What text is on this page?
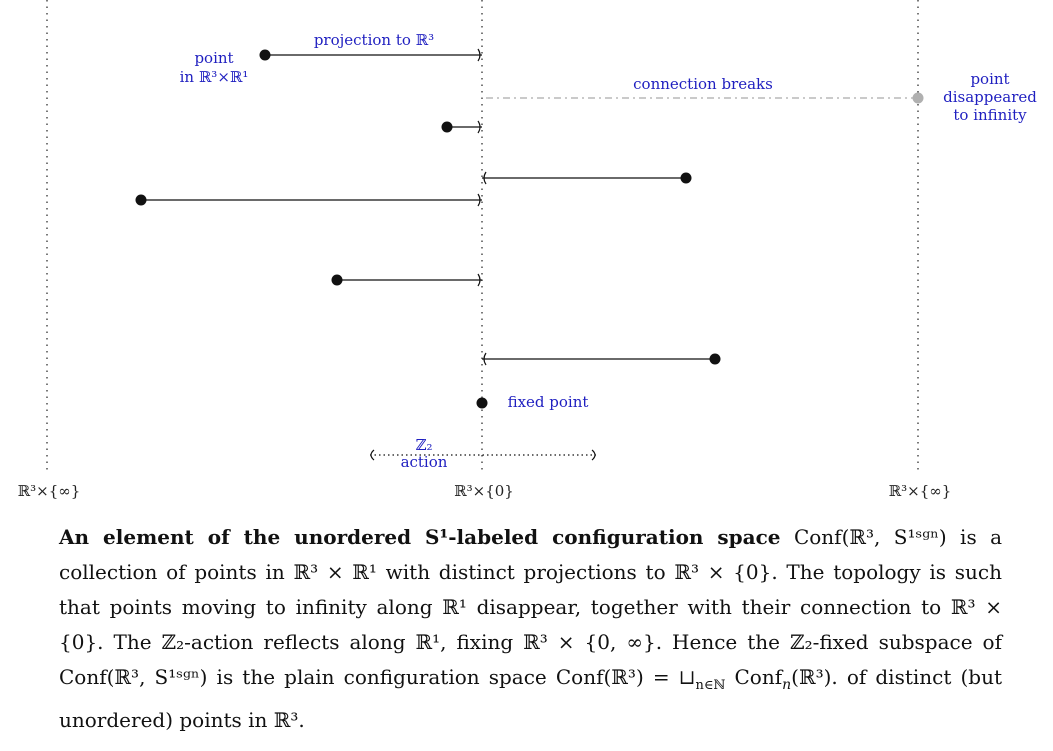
point
in ℝ³×ℝ¹
projection to ℝ³
connection breaks	point
disappeared
to infinity
fixed point
ℤ₂
action
ℝ³×{∞}	ℝ³×{0}	ℝ³×{∞}
An element of the unordered S¹-labeled configuration space Conf(ℝ³, S¹ˢᵍⁿ) is a collection of points in ℝ³ × ℝ¹ with distinct projections to ℝ³ × {0}. The topology is such that points moving to infinity along ℝ¹ disappear, together with their connection to ℝ³ × {0}. The ℤ₂-action reflects along ℝ¹, fixing ℝ³ × {0, ∞}. Hence the ℤ₂-fixed subspace of Conf(ℝ³, S¹ˢᵍⁿ) is the plain configuration space Conf(ℝ³) = $⊔_{n\in ℕ}$ Conf$_n$(ℝ³). of distinct (but unordered) points in ℝ³.
